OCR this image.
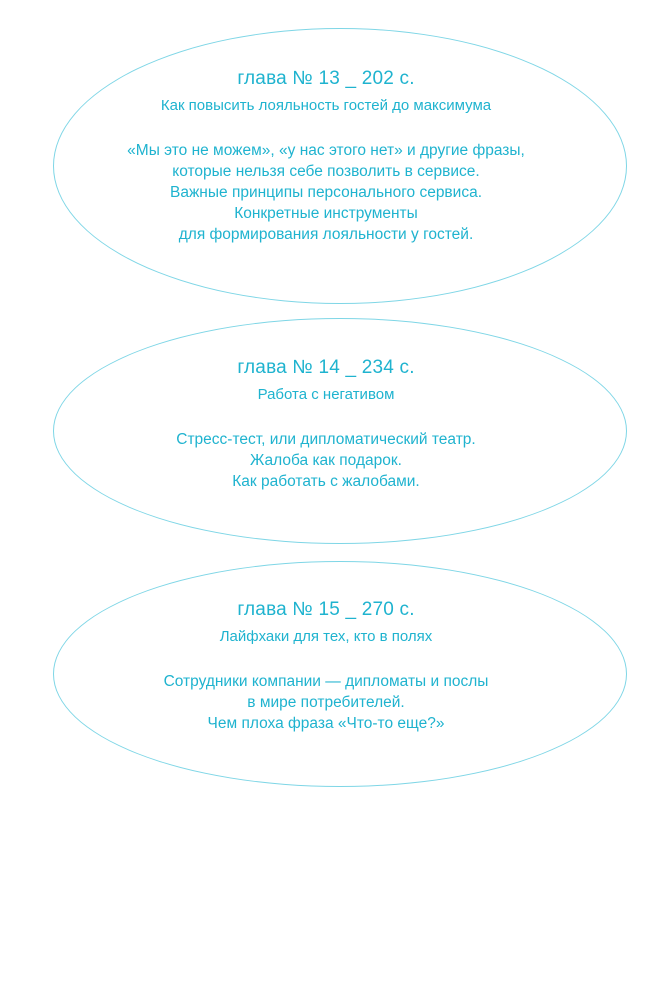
глава № 13 _ 202 с.

Как повысить лояльность гостей до максимума

«Мы это не можем», «у нас этого нет» и другие фразы,
которые нельзя себе позволить в сервисе.
Важные принципы персонального сервиса.
Конкретные инструменты
для формирования лояльности у гостей.
глава № 14 _ 234 с.

Работа с негативом

Стресс-тест, или дипломатический театр.
Жалоба как подарок.
Как работать с жалобами.
глава № 15 _ 270 с.

Лайфхаки для тех, кто в полях

Сотрудники компании — дипломаты и послы
в мире потребителей.
Чем плоха фраза «Что-то еще?»
